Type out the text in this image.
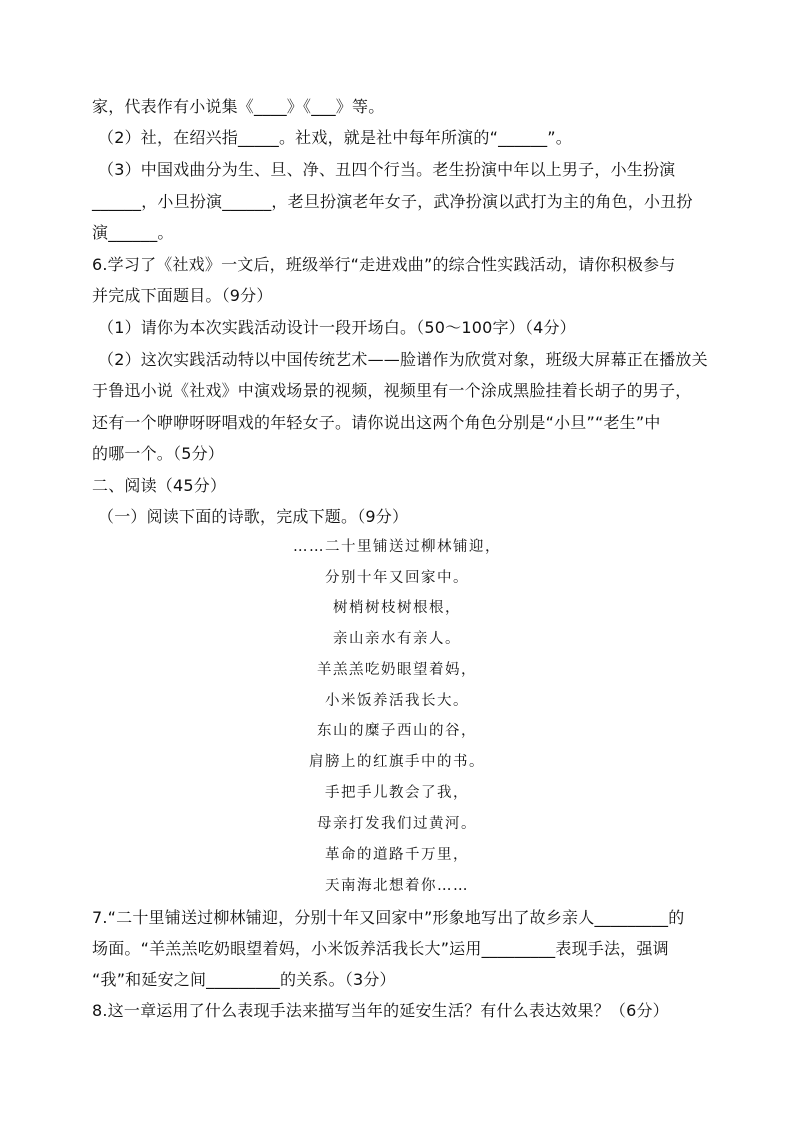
家，代表作有小说集《____》《___》等。
（2）社，在绍兴指_____。社戏，就是社中每年所演的“______”。
（3）中国戏曲分为生、旦、净、丑四个行当。老生扮演中年以上男子，小生扮演
______，小旦扮演______，老旦扮演老年女子，武净扮演以武打为主的角色，小丑扮
演______。
6.学习了《社戏》一文后，班级举行“走进戏曲”的综合性实践活动，请你积极参与
并完成下面题目。（9分）
（1）请你为本次实践活动设计一段开场白。（50～100字）（4分）
（2）这次实践活动特以中国传统艺术——脸谱作为欣赏对象，班级大屏幕正在播放关
于鲁迅小说《社戏》中演戏场景的视频，视频里有一个涂成黑脸挂着长胡子的男子，
还有一个咿咿呀呀唱戏的年轻女子。请你说出这两个角色分别是“小旦”“老生”中
的哪一个。（5分）
二、阅读（45分）
（一）阅读下面的诗歌，完成下题。（9分）
……二十里铺送过柳林铺迎，
分别十年又回家中。
树梢树枝树根根，
亲山亲水有亲人。
羊羔羔吃奶眼望着妈，
小米饭养活我长大。
东山的糜子西山的谷，
肩膀上的红旗手中的书。
手把手儿教会了我，
母亲打发我们过黄河。
革命的道路千万里，
天南海北想着你……
7.“二十里铺送过柳林铺迎，分别十年又回家中”形象地写出了故乡亲人_________的
场面。“羊羔羔吃奶眼望着妈，小米饭养活我长大”运用_________表现手法，强调
“我”和延安之间_________的关系。（3分）
8.这一章运用了什么表现手法来描写当年的延安生活？有什么表达效果？（6分）
